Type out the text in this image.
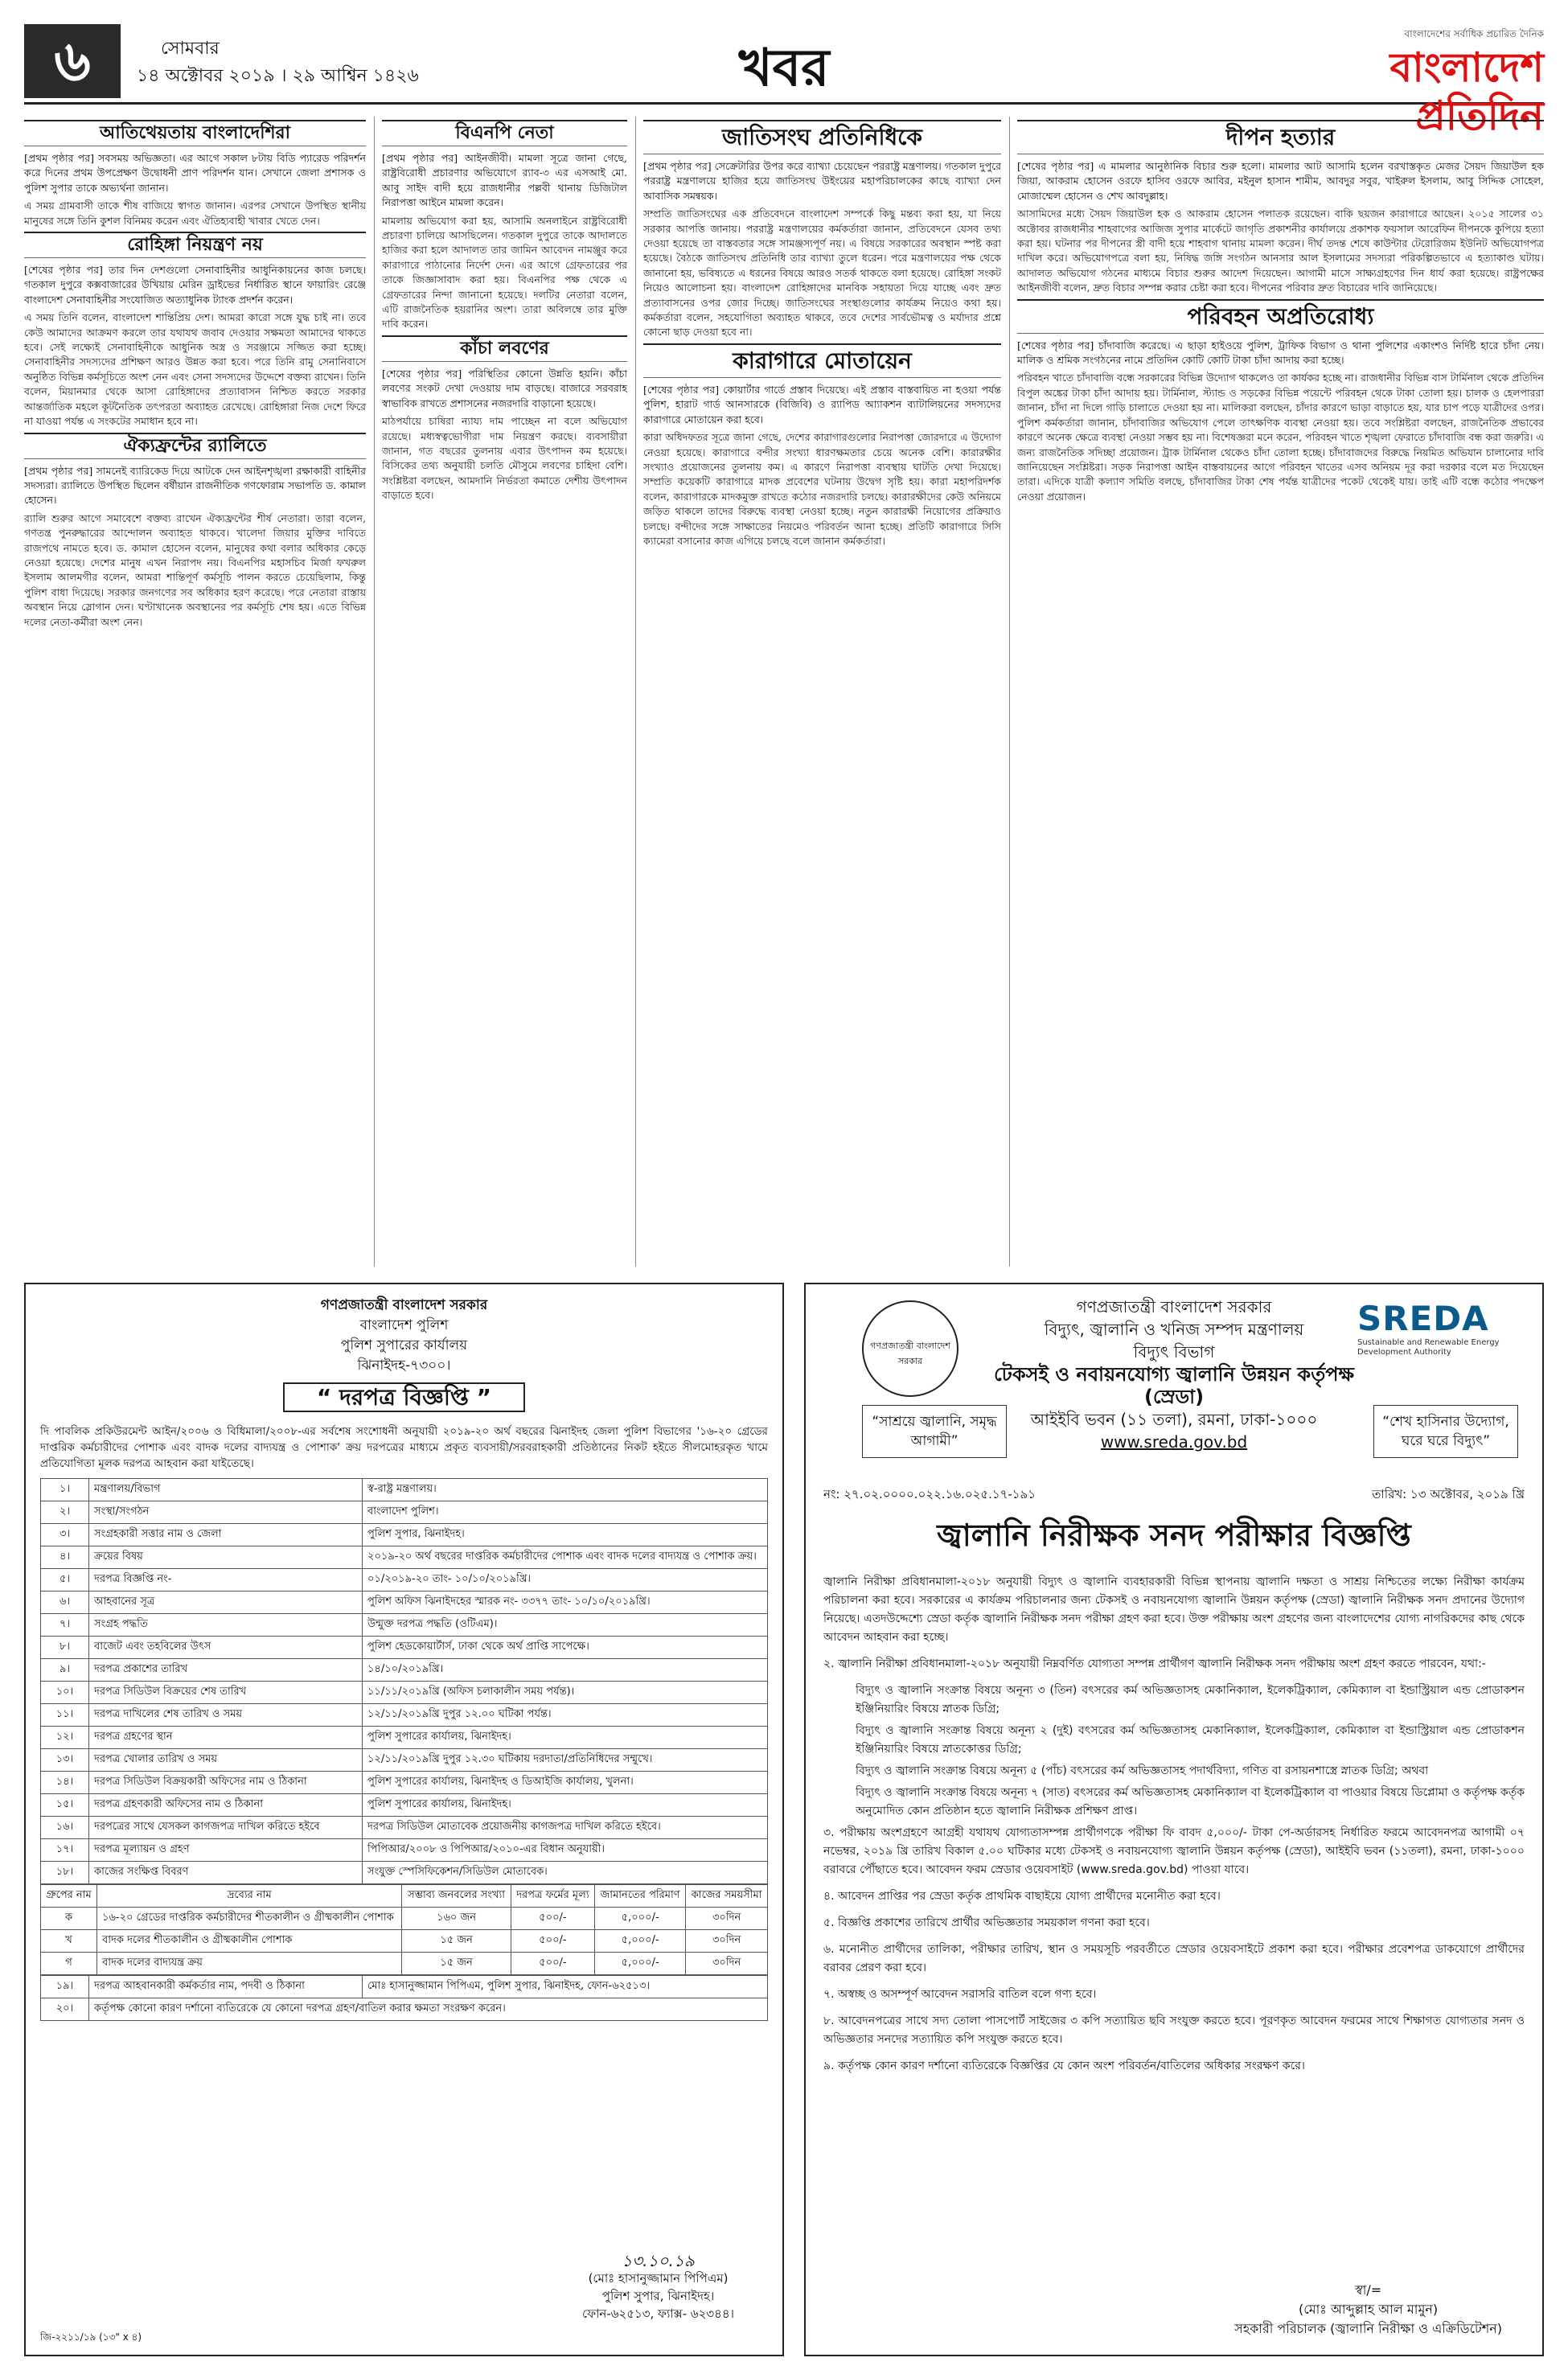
৬	সোমবার
১৪ অক্টোবর ২০১৯ । ২৯ আশ্বিন ১৪২৬	খবর
বাংলাদেশের সর্বাধিক প্রচারিত দৈনিক
বাংলাদেশ প্রতিদিন
আতিথেয়তায় বাংলাদেশিরা

[প্রথম পৃষ্ঠার পর] সবসময় অভিজ্ঞতা। এর আগে সকাল ৮টায় বিডি প্যারেড পরিদর্শন করে দিনের প্রথম উপপ্রেক্ষণ উদ্বোধনী প্রাণ পরিদর্শন যান। সেখানে জেলা প্রশাসক ও পুলিশ সুপার তাকে অভ্যর্থনা জানান।

এ সময় গ্রামবাসী তাকে শীষ বাজিয়ে স্বাগত জানান। এরপর সেখানে উপস্থিত স্থানীয় মানুষের সঙ্গে তিনি কুশল বিনিময় করেন এবং ঐতিহ্যবাহী খাবার খেতে দেন।

রোহিঙ্গা নিয়ন্ত্রণ নয়

[শেষের পৃষ্ঠার পর] তার দিন দেশগুলো সেনাবাহিনীর আধুনিকায়নের কাজ চলছে। গতকাল দুপুরে কক্সবাজারের উখিয়ায় মেরিন ড্রাইভের নির্ধারিত স্থানে ফায়ারিং রেঞ্জে বাংলাদেশ সেনাবাহিনীর সংযোজিত অত্যাধুনিক ট্যাংক প্রদর্শন করেন।

এ সময় তিনি বলেন, বাংলাদেশ শান্তিপ্রিয় দেশ। আমরা কারো সঙ্গে যুদ্ধ চাই না। তবে কেউ আমাদের আক্রমণ করলে তার যথাযথ জবাব দেওয়ার সক্ষমতা আমাদের থাকতে হবে। সেই লক্ষ্যেই সেনাবাহিনীকে আধুনিক অস্ত্র ও সরঞ্জামে সজ্জিত করা হচ্ছে। সেনাবাহিনীর সদস্যদের প্রশিক্ষণ আরও উন্নত করা হবে। পরে তিনি রামু সেনানিবাসে অনুষ্ঠিত বিভিন্ন কর্মসূচিতে অংশ নেন এবং সেনা সদস্যদের উদ্দেশে বক্তব্য রাখেন। তিনি বলেন, মিয়ানমার থেকে আসা রোহিঙ্গাদের প্রত্যাবাসন নিশ্চিত করতে সরকার আন্তর্জাতিক মহলে কূটনৈতিক তৎপরতা অব্যাহত রেখেছে। রোহিঙ্গারা নিজ দেশে ফিরে না যাওয়া পর্যন্ত এ সংকটের সমাধান হবে না।

ঐক্যফ্রন্টের র‌্যালিতে

[প্রথম পৃষ্ঠার পর] সামনেই ব্যারিকেড দিয়ে আটকে দেন আইনশৃঙ্খলা রক্ষাকারী বাহিনীর সদস্যরা। র‌্যালিতে উপস্থিত ছিলেন বর্ষীয়ান রাজনীতিক গণফোরাম সভাপতি ড. কামাল হোসেন।

র‌্যালি শুরুর আগে সমাবেশে বক্তব্য রাখেন ঐক্যফ্রন্টের শীর্ষ নেতারা। তারা বলেন, গণতন্ত্র পুনরুদ্ধারের আন্দোলন অব্যাহত থাকবে। খালেদা জিয়ার মুক্তির দাবিতে রাজপথে নামতে হবে। ড. কামাল হোসেন বলেন, মানুষের কথা বলার অধিকার কেড়ে নেওয়া হয়েছে। দেশের মানুষ এখন নিরাপদ নয়। বিএনপির মহাসচিব মির্জা ফখরুল ইসলাম আলমগীর বলেন, আমরা শান্তিপূর্ণ কর্মসূচি পালন করতে চেয়েছিলাম, কিন্তু পুলিশ বাধা দিয়েছে। সরকার জনগণের সব অধিকার হরণ করেছে। পরে নেতারা রাস্তায় অবস্থান নিয়ে স্লোগান দেন। ঘণ্টাখানেক অবস্থানের পর কর্মসূচি শেষ হয়। এতে বিভিন্ন দলের নেতা-কর্মীরা অংশ নেন।

বিএনপি নেতা

[প্রথম পৃষ্ঠার পর] আইনজীবী। মামলা সূত্রে জানা গেছে, রাষ্ট্রবিরোধী প্রচারণার অভিযোগে র‌্যাব-৩ এর এসআই মো. আবু সাইদ বাদী হয়ে রাজধানীর পল্লবী থানায় ডিজিটাল নিরাপত্তা আইনে মামলা করেন।

মামলায় অভিযোগ করা হয়, আসামি অনলাইনে রাষ্ট্রবিরোধী প্রচারণা চালিয়ে আসছিলেন। গতকাল দুপুরে তাকে আদালতে হাজির করা হলে আদালত তার জামিন আবেদন নামঞ্জুর করে কারাগারে পাঠানোর নির্দেশ দেন। এর আগে গ্রেফতারের পর তাকে জিজ্ঞাসাবাদ করা হয়। বিএনপির পক্ষ থেকে এ গ্রেফতারের নিন্দা জানানো হয়েছে। দলটির নেতারা বলেন, এটি রাজনৈতিক হয়রানির অংশ। তারা অবিলম্বে তার মুক্তি দাবি করেন।

কাঁচা লবণের

[শেষের পৃষ্ঠার পর] পরিস্থিতির কোনো উন্নতি হয়নি। কাঁচা লবণের সংকট দেখা দেওয়ায় দাম বাড়ছে। বাজারে সরবরাহ স্বাভাবিক রাখতে প্রশাসনের নজরদারি বাড়ানো হয়েছে।

মাঠপর্যায়ে চাষিরা ন্যায্য দাম পাচ্ছেন না বলে অভিযোগ রয়েছে। মধ্যস্বত্বভোগীরা দাম নিয়ন্ত্রণ করছে। ব্যবসায়ীরা জানান, গত বছরের তুলনায় এবার উৎপাদন কম হয়েছে। বিসিকের তথ্য অনুযায়ী চলতি মৌসুমে লবণের চাহিদা বেশি। সংশ্লিষ্টরা বলছেন, আমদানি নির্ভরতা কমাতে দেশীয় উৎপাদন বাড়াতে হবে।

জাতিসংঘ প্রতিনিধিকে

[প্রথম পৃষ্ঠার পর] সেক্রেটারির উপর করে ব্যাখ্যা চেয়েছেন পররাষ্ট্র মন্ত্রণালয়। গতকাল দুপুরে পররাষ্ট্র মন্ত্রণালয়ে হাজির হয়ে জাতিসংঘ উইংয়ের মহাপরিচালকের কাছে ব্যাখ্যা দেন আবাসিক সমন্বয়ক।

সম্প্রতি জাতিসংঘের এক প্রতিবেদনে বাংলাদেশ সম্পর্কে কিছু মন্তব্য করা হয়, যা নিয়ে সরকার আপত্তি জানায়। পররাষ্ট্র মন্ত্রণালয়ের কর্মকর্তারা জানান, প্রতিবেদনে যেসব তথ্য দেওয়া হয়েছে তা বাস্তবতার সঙ্গে সামঞ্জস্যপূর্ণ নয়। এ বিষয়ে সরকারের অবস্থান স্পষ্ট করা হয়েছে। বৈঠকে জাতিসংঘ প্রতিনিধি তার ব্যাখ্যা তুলে ধরেন। পরে মন্ত্রণালয়ের পক্ষ থেকে জানানো হয়, ভবিষ্যতে এ ধরনের বিষয়ে আরও সতর্ক থাকতে বলা হয়েছে। রোহিঙ্গা সংকট নিয়েও আলোচনা হয়। বাংলাদেশ রোহিঙ্গাদের মানবিক সহায়তা দিয়ে যাচ্ছে এবং দ্রুত প্রত্যাবাসনের ওপর জোর দিচ্ছে। জাতিসংঘের সংস্থাগুলোর কার্যক্রম নিয়েও কথা হয়। কর্মকর্তারা বলেন, সহযোগিতা অব্যাহত থাকবে, তবে দেশের সার্বভৌমত্ব ও মর্যাদার প্রশ্নে কোনো ছাড় দেওয়া হবে না।

কারাগারে মোতায়েন

[শেষের পৃষ্ঠার পর] কোয়ার্টার গার্ডে প্রস্তাব দিয়েছে। এই প্রস্তাব বাস্তবায়িত না হওয়া পর্যন্ত পুলিশ, হারাট গার্ড আনসারকে (বিজিবি) ও র‌্যাপিড আ্যাকশন ব্যাটালিয়নের সদস্যদের কারাগারে মোতায়েন করা হবে।

কারা অধিদফতর সূত্রে জানা গেছে, দেশের কারাগারগুলোর নিরাপত্তা জোরদারে এ উদ্যোগ নেওয়া হয়েছে। কারাগারে বন্দীর সংখ্যা ধারণক্ষমতার চেয়ে অনেক বেশি। কারারক্ষীর সংখ্যাও প্রয়োজনের তুলনায় কম। এ কারণে নিরাপত্তা ব্যবস্থায় ঘাটতি দেখা দিয়েছে। সম্প্রতি কয়েকটি কারাগারে মাদক প্রবেশের ঘটনায় উদ্বেগ সৃষ্টি হয়। কারা মহাপরিদর্শক বলেন, কারাগারকে মাদকমুক্ত রাখতে কঠোর নজরদারি চলছে। কারারক্ষীদের কেউ অনিয়মে জড়িত থাকলে তাদের বিরুদ্ধে ব্যবস্থা নেওয়া হচ্ছে। নতুন কারারক্ষী নিয়োগের প্রক্রিয়াও চলছে। বন্দীদের সঙ্গে সাক্ষাতের নিয়মেও পরিবর্তন আনা হচ্ছে। প্রতিটি কারাগারে সিসি ক্যামেরা বসানোর কাজ এগিয়ে চলছে বলে জানান কর্মকর্তারা।

দীপন হত্যার

[শেষের পৃষ্ঠার পর] এ মামলার আনুষ্ঠানিক বিচার শুরু হলো। মামলার আট আসামি হলেন বরখাস্তকৃত মেজর সৈয়দ জিয়াউল হক জিয়া, আকরাম হোসেন ওরফে হাসিব ওরফে আবির, মইনুল হাসান শামীম, আবদুর সবুর, খাইরুল ইসলাম, আবু সিদ্দিক সোহেল, মোজাম্মেল হোসেন ও শেখ আবদুল্লাহ।

আসামিদের মধ্যে সৈয়দ জিয়াউল হক ও আকরাম হোসেন পলাতক রয়েছেন। বাকি ছয়জন কারাগারে আছেন। ২০১৫ সালের ৩১ অক্টোবর রাজধানীর শাহবাগের আজিজ সুপার মার্কেটে জাগৃতি প্রকাশনীর কার্যালয়ে প্রকাশক ফয়সাল আরেফিন দীপনকে কুপিয়ে হত্যা করা হয়। ঘটনার পর দীপনের স্ত্রী বাদী হয়ে শাহবাগ থানায় মামলা করেন। দীর্ঘ তদন্ত শেষে কাউন্টার টেরোরিজম ইউনিট অভিযোগপত্র দাখিল করে। অভিযোগপত্রে বলা হয়, নিষিদ্ধ জঙ্গি সংগঠন আনসার আল ইসলামের সদস্যরা পরিকল্পিতভাবে এ হত্যাকাণ্ড ঘটায়। আদালত অভিযোগ গঠনের মাধ্যমে বিচার শুরুর আদেশ দিয়েছেন। আগামী মাসে সাক্ষ্যগ্রহণের দিন ধার্য করা হয়েছে। রাষ্ট্রপক্ষের আইনজীবী বলেন, দ্রুত বিচার সম্পন্ন করার চেষ্টা করা হবে। দীপনের পরিবার দ্রুত বিচারের দাবি জানিয়েছে।

পরিবহন অপ্রতিরোধ্য

[শেষের পৃষ্ঠার পর] চাঁদাবাজি করেছে। এ ছাড়া হাইওয়ে পুলিশ, ট্রাফিক বিভাগ ও থানা পুলিশের একাংশও নির্দিষ্ট হারে চাঁদা নেয়। মালিক ও শ্রমিক সংগঠনের নামে প্রতিদিন কোটি কোটি টাকা চাঁদা আদায় করা হচ্ছে।

পরিবহন খাতে চাঁদাবাজি বন্ধে সরকারের বিভিন্ন উদ্যোগ থাকলেও তা কার্যকর হচ্ছে না। রাজধানীর বিভিন্ন বাস টার্মিনাল থেকে প্রতিদিন বিপুল অঙ্কের টাকা চাঁদা আদায় হয়। টার্মিনাল, স্ট্যান্ড ও সড়কের বিভিন্ন পয়েন্টে পরিবহন থেকে টাকা তোলা হয়। চালক ও হেলপাররা জানান, চাঁদা না দিলে গাড়ি চালাতে দেওয়া হয় না। মালিকরা বলছেন, চাঁদার কারণে ভাড়া বাড়াতে হয়, যার চাপ পড়ে যাত্রীদের ওপর। পুলিশ কর্মকর্তারা জানান, চাঁদাবাজির অভিযোগ পেলে তাৎক্ষণিক ব্যবস্থা নেওয়া হয়। তবে সংশ্লিষ্টরা বলছেন, রাজনৈতিক প্রভাবের কারণে অনেক ক্ষেত্রে ব্যবস্থা নেওয়া সম্ভব হয় না। বিশেষজ্ঞরা মনে করেন, পরিবহন খাতে শৃঙ্খলা ফেরাতে চাঁদাবাজি বন্ধ করা জরুরি। এ জন্য রাজনৈতিক সদিচ্ছা প্রয়োজন। ট্রাক টার্মিনাল থেকেও চাঁদা তোলা হচ্ছে। চাঁদাবাজদের বিরুদ্ধে নিয়মিত অভিযান চালানোর দাবি জানিয়েছেন সংশ্লিষ্টরা। সড়ক নিরাপত্তা আইন বাস্তবায়নের আগে পরিবহন খাতের এসব অনিয়ম দূর করা দরকার বলে মত দিয়েছেন তারা। এদিকে যাত্রী কল্যাণ সমিতি বলছে, চাঁদাবাজির টাকা শেষ পর্যন্ত যাত্রীদের পকেট থেকেই যায়। তাই এটি বন্ধে কঠোর পদক্ষেপ নেওয়া প্রয়োজন।

গণপ্রজাতন্ত্রী বাংলাদেশ সরকার
বাংলাদেশ পুলিশ
পুলিশ সুপারের কার্যালয়
ঝিনাইদহ-৭৩০০।
“ দরপত্র বিজ্ঞপ্তি ”
দি পাবলিক প্রকিউরমেন্ট আইন/২০০৬ ও বিধিমালা/২০০৮-এর সর্বশেষ সংশোধনী অনুযায়ী ২০১৯-২০ অর্থ বছরের ঝিনাইদহ জেলা পুলিশ বিভাগের '১৬-২০ গ্রেডের দাপ্তরিক কর্মচারীদের পোশাক এবং বাদক দলের বাদ্যযন্ত্র ও পোশাক' ক্রয় দরপত্রের মাধ্যমে প্রকৃত ব্যবসায়ী/সরবরাহকারী প্রতিষ্ঠানের নিকট হইতে সীলমোহরকৃত খামে প্রতিযোগিতা মূলক দরপত্র আহবান করা যাইতেছে।
১।	মন্ত্রণালয়/বিভাগ	স্ব-রাষ্ট্র মন্ত্রণালয়।
২।	সংস্থা/সংগঠন	বাংলাদেশ পুলিশ।
৩।	সংগ্রহকারী সত্তার নাম ও জেলা	পুলিশ সুপার, ঝিনাইদহ।
৪।	ক্রয়ের বিষয়	২০১৯-২০ অর্থ বছরের দাপ্তরিক কর্মচারীদের পোশাক এবং বাদক দলের বাদ্যযন্ত্র ও পোশাক ক্রয়।
৫।	দরপত্র বিজ্ঞপ্তি নং-	০১/২০১৯-২০ তাং- ১০/১০/২০১৯খ্রি।
৬।	আহবানের সূত্র	পুলিশ অফিস ঝিনাইদহের স্মারক নং- ৩৩৭৭ তাং- ১০/১০/২০১৯খ্রি।
৭।	সংগ্রহ পদ্ধতি	উন্মুক্ত দরপত্র পদ্ধতি (ওটিএম)।
৮।	বাজেট এবং তহবিলের উৎস	পুলিশ হেডকোয়ার্টার্স, ঢাকা থেকে অর্থ প্রাপ্তি সাপেক্ষে।
৯।	দরপত্র প্রকাশের তারিখ	১৪/১০/২০১৯খ্রি।
১০।	দরপত্র সিডিউল বিক্রয়ের শেষ তারিখ	১১/১১/২০১৯খ্রি (অফিস চলাকালীন সময় পর্যন্ত)।
১১।	দরপত্র দাখিলের শেষ তারিখ ও সময়	১২/১১/২০১৯খ্রি দুপুর ১২.০০ ঘটিকা পর্যন্ত।
১২।	দরপত্র গ্রহণের স্থান	পুলিশ সুপারের কার্যালয়, ঝিনাইদহ।
১৩।	দরপত্র খোলার তারিখ ও সময়	১২/১১/২০১৯খ্রি দুপুর ১২.৩০ ঘটিকায় দরদাতা/প্রতিনিধিদের সম্মুখে।
১৪।	দরপত্র সিডিউল বিক্রয়কারী অফিসের নাম ও ঠিকানা	পুলিশ সুপারের কার্যালয়, ঝিনাইদহ ও ডিআইজি কার্যালয়, খুলনা।
১৫।	দরপত্র গ্রহণকারী অফিসের নাম ও ঠিকানা	পুলিশ সুপারের কার্যালয়, ঝিনাইদহ।
১৬।	দরপত্রের সাথে যেসকল কাগজপত্র দাখিল করিতে হইবে	দরপত্র সিডিউল মোতাবেক প্রয়োজনীয় কাগজপত্র দাখিল করিতে হইবে।
১৭।	দরপত্র মূল্যায়ন ও গ্রহণ	পিপিআর/২০০৮ ও পিপিআর/২০১০-এর বিধান অনুযায়ী।
১৮।	কাজের সংক্ষিপ্ত বিবরণ	সংযুক্ত স্পেসিফিকেশন/সিডিউল মোতাবেক।
গ্রুপের নাম	দ্রব্যের নাম	সম্ভাব্য জনবলের সংখ্যা	দরপত্র ফর্মের মূল্য	জামানতের পরিমাণ	কাজের সময়সীমা
ক	১৬-২০ গ্রেডের দাপ্তরিক কর্মচারীদের শীতকালীন ও গ্রীষ্মকালীন পোশাক	১৬০ জন	৫০০/-	৫,০০০/-	৩০দিন
খ	বাদক দলের শীতকালীন ও গ্রীষ্মকালীন পোশাক	১৫ জন	৫০০/-	৫,০০০/-	৩০দিন
গ	বাদক দলের বাদ্যযন্ত্র ক্রয়	১৫ জন	৫০০/-	৫,০০০/-	৩০দিন
১৯।	দরপত্র আহবানকারী কর্মকর্তার নাম, পদবী ও ঠিকানা	মোঃ হাসানুজ্জামান পিপিএম, পুলিশ সুপার, ঝিনাইদহ, ফোন-৬২৫১৩।
২০।	কর্তৃপক্ষ কোনো কারণ দর্শানো ব্যতিরেকে যে কোনো দরপত্র গ্রহণ/বাতিল করার ক্ষমতা সংরক্ষণ করেন।	
১৩.১০.১৯
(মোঃ হাসানুজ্জামান পিপিএম)
পুলিশ সুপার, ঝিনাইদহ।
ফোন-৬২৫১৩, ফ্যাক্স- ৬২৩৪৪।
জি-২২১১/১৯ (১৩" x ৪)
গণপ্রজাতন্ত্রী বাংলাদেশ সরকার
SREDA
Sustainable and Renewable Energy Development Authority
গণপ্রজাতন্ত্রী বাংলাদেশ সরকার
বিদ্যুৎ, জ্বালানি ও খনিজ সম্পদ মন্ত্রণালয়
বিদ্যুৎ বিভাগ
টেকসই ও নবায়নযোগ্য জ্বালানি উন্নয়ন কর্তৃপক্ষ (স্রেডা)
আইইবি ভবন (১১ তলা), রমনা, ঢাকা-১০০০
www.sreda.gov.bd
“সাশ্রয়ে জ্বালানি, সমৃদ্ধ আগামী”
“শেখ হাসিনার উদ্যোগ, ঘরে ঘরে বিদ্যুৎ”
নং: ২৭.০২.০০০০.০২২.১৬.০২৫.১৭-১৯১	তারিখ: ১৩ অক্টোবর, ২০১৯ খ্রি
জ্বালানি নিরীক্ষক সনদ পরীক্ষার বিজ্ঞপ্তি

জ্বালানি নিরীক্ষা প্রবিধানমালা-২০১৮ অনুযায়ী বিদ্যুৎ ও জ্বালানি ব্যবহারকারী বিভিন্ন স্থাপনায় জ্বালানি দক্ষতা ও সাশ্রয় নিশ্চিতের লক্ষ্যে নিরীক্ষা কার্যক্রম পরিচালনা করা হবে। সরকারের এ কার্যক্রম পরিচালনার জন্য টেকসই ও নবায়নযোগ্য জ্বালানি উন্নয়ন কর্তৃপক্ষ (স্রেডা) জ্বালানি নিরীক্ষক সনদ প্রদানের উদ্যোগ নিয়েছে। এতদউদ্দেশ্যে স্রেডা কর্তৃক জ্বালানি নিরীক্ষক সনদ পরীক্ষা গ্রহণ করা হবে। উক্ত পরীক্ষায় অংশ গ্রহণের জন্য বাংলাদেশের যোগ্য নাগরিকদের কাছ থেকে আবেদন আহবান করা হচ্ছে।

২. জ্বালানি নিরীক্ষা প্রবিধানমালা-২০১৮ অনুযায়ী নিম্নবর্ণিত যোগ্যতা সম্পন্ন প্রার্থীগণ জ্বালানি নিরীক্ষক সনদ পরীক্ষায় অংশ গ্রহণ করতে পারবেন, যথা:-

বিদ্যুৎ ও জ্বালানি সংক্রান্ত বিষয়ে অনূন্য ৩ (তিন) বৎসরের কর্ম অভিজ্ঞতাসহ মেকানিক্যাল, ইলেকট্রিক্যাল, কেমিক্যাল বা ইন্ডাস্ট্রিয়াল এন্ড প্রোডাকশন ইঞ্জিনিয়ারিং বিষয়ে স্নাতক ডিগ্রি;

বিদ্যুৎ ও জ্বালানি সংক্রান্ত বিষয়ে অনূন্য ২ (দুই) বৎসরের কর্ম অভিজ্ঞতাসহ মেকানিক্যাল, ইলেকট্রিক্যাল, কেমিক্যাল বা ইন্ডাস্ট্রিয়াল এন্ড প্রোডাকশন ইঞ্জিনিয়ারিং বিষয়ে স্নাতকোত্তর ডিগ্রি;

বিদ্যুৎ ও জ্বালানি সংক্রান্ত বিষয়ে অনূন্য ৫ (পাঁচ) বৎসরের কর্ম অভিজ্ঞতাসহ পদার্থবিদ্যা, গণিত বা রসায়নশাস্ত্রে স্নাতক ডিগ্রি; অথবা

বিদ্যুৎ ও জ্বালানি সংক্রান্ত বিষয়ে অনূন্য ৭ (সাত) বৎসরের কর্ম অভিজ্ঞতাসহ মেকানিক্যাল বা ইলেকট্রিক্যাল বা পাওয়ার বিষয়ে ডিপ্লোমা ও কর্তৃপক্ষ কর্তৃক অনুমোদিত কোন প্রতিষ্ঠান হতে জ্বালানি নিরীক্ষক প্রশিক্ষণ প্রাপ্ত।

৩. পরীক্ষায় অংশগ্রহণে আগ্রহী যথাযথ যোগ্যতাসম্পন্ন প্রার্থীগণকে পরীক্ষা ফি বাবদ ৫,০০০/- টাকা পে-অর্ডারসহ নির্ধারিত ফরমে আবেদনপত্র আগামী ০৭ নভেম্বর, ২০১৯ খ্রি তারিখ বিকাল ৫.০০ ঘটিকার মধ্যে টেকসই ও নবায়নযোগ্য জ্বালানি উন্নয়ন কর্তৃপক্ষ (স্রেডা), আইইবি ভবন (১১তলা), রমনা, ঢাকা-১০০০ বরাবরে পৌঁছাতে হবে। আবেদন ফরম স্রেডার ওয়েবসাইট (www.sreda.gov.bd) পাওয়া যাবে।

৪. আবেদন প্রাপ্তির পর স্রেডা কর্তৃক প্রাথমিক বাছাইয়ে যোগ্য প্রার্থীদের মনোনীত করা হবে।

৫. বিজ্ঞপ্তি প্রকাশের তারিখে প্রার্থীর অভিজ্ঞতার সময়কাল গণনা করা হবে।

৬. মনোনীত প্রার্থীদের তালিকা, পরীক্ষার তারিখ, স্থান ও সময়সূচি পরবর্তীতে স্রেডার ওয়েবসাইটে প্রকাশ করা হবে। পরীক্ষার প্রবেশপত্র ডাকযোগে প্রার্থীদের বরাবর প্রেরণ করা হবে।

৭. অস্বচ্ছ ও অসম্পূর্ণ আবেদন সরাসরি বাতিল বলে গণ্য হবে।

৮. আবেদনপত্রের সাথে সদ্য তোলা পাসপোর্ট সাইজের ৩ কপি সত্যায়িত ছবি সংযুক্ত করতে হবে। পূরণকৃত আবেদন ফরমের সাথে শিক্ষাগত যোগ্যতার সনদ ও অভিজ্ঞতার সনদের সত্যায়িত কপি সংযুক্ত করতে হবে।

৯. কর্তৃপক্ষ কোন কারণ দর্শানো ব্যতিরেকে বিজ্ঞপ্তির যে কোন অংশ পরিবর্তন/বাতিলের অধিকার সংরক্ষণ করে।

স্বা/=
(মোঃ আব্দুল্লাহ আল মামুন)
সহকারী পরিচালক (জ্বালানি নিরীক্ষা ও এক্রিডিটেশন)
